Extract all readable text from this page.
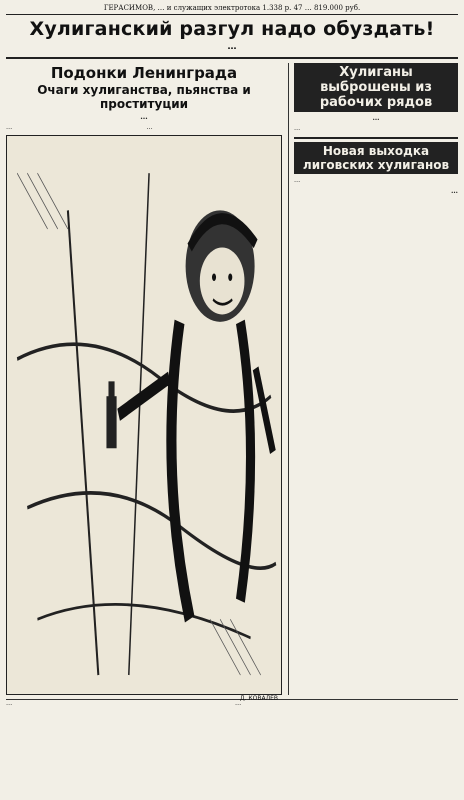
ГЕРАСИМОВ, … и служащих электротока 1.338 р. 47 … 819.000 руб.
Хулиганский разгул надо обуздать!
…
Подонки Ленинграда
Очаги хулиганства, пьянства и проституции
…
…	…
Д. КОВАЛЕВ
Хулиганы выброшены из рабочих рядов
…
…
Новая выходка лиговских хулиганов
…
…
…	…
